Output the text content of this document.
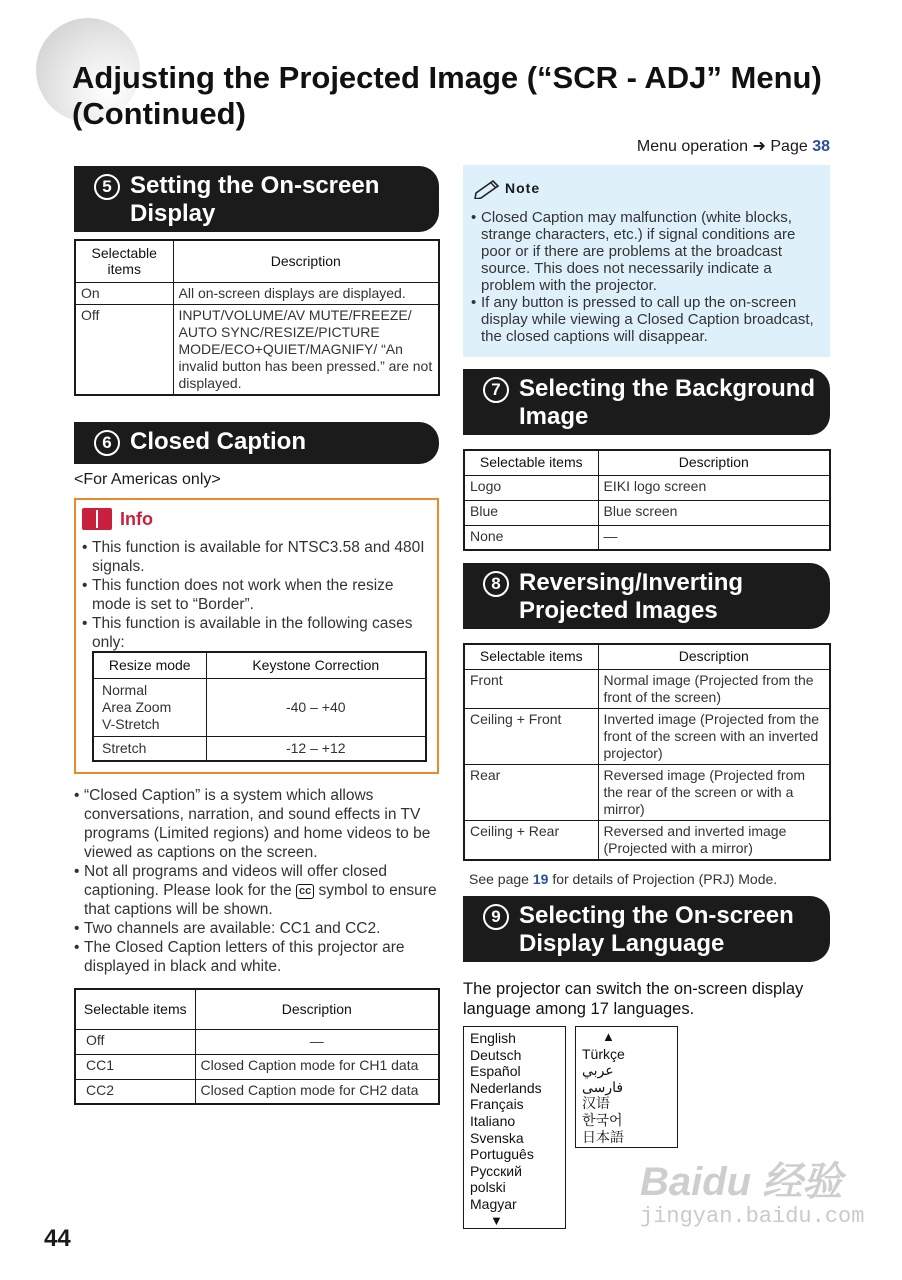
Adjusting the Projected Image (“SCR - ADJ” Menu)
(Continued)
Menu operation ➜ Page 38
5 Setting the On-screen
Display
Selectable items	Description
On	All on-screen displays are displayed.
Off	INPUT/VOLUME/AV MUTE/FREEZE/ AUTO SYNC/RESIZE/PICTURE MODE/ECO+QUIET/MAGNIFY/ “An invalid button has been pressed.” are not displayed.
6 Closed Caption
<For Americas only>
Info
• This function is available for NTSC3.58 and 480I signals.
• This function does not work when the resize mode is set to “Border”.
• This function is available in the following cases only:
Resize mode	Keystone Correction
Normal
Area Zoom
V-Stretch	-40 – +40
Stretch	-12 – +12
• “Closed Caption” is a system which allows conversations, narration, and sound effects in TV programs (Limited regions) and home videos to be viewed as captions on the screen.
• Not all programs and videos will offer closed captioning. Please look for the cc symbol to ensure that captions will be shown.
• Two channels are available: CC1 and CC2.
• The Closed Caption letters of this projector are displayed in black and white.
Selectable items	Description
Off	—
CC1	Closed Caption mode for CH1 data
CC2	Closed Caption mode for CH2 data
Note
• Closed Caption may malfunction (white blocks, strange characters, etc.) if signal conditions are poor or if there are problems at the broadcast source. This does not necessarily indicate a problem with the projector.
• If any button is pressed to call up the on-screen display while viewing a Closed Caption broadcast, the closed captions will disappear.
7 Selecting the Background
Image
Selectable items	Description
Logo	EIKI logo screen
Blue	Blue screen
None	—
8 Reversing/Inverting
Projected Images
Selectable items	Description
Front	Normal image (Projected from the front of the screen)
Ceiling + Front	Inverted image (Projected from the front of the screen with an inverted projector)
Rear	Reversed image (Projected from the rear of the screen or with a mirror)
Ceiling + Rear	Reversed and inverted image (Projected with a mirror)
See page 19 for details of Projection (PRJ) Mode.
9 Selecting the On-screen
Display Language
The projector can switch the on-screen display language among 17 languages.
English
Deutsch
Español
Nederlands
Français
Italiano
Svenska
Português
Русский
polski
Magyar
▼
▲
Türkçe
عربي
فارسی
汉语
한국어
日本語
44
Baidu 经验
jingyan.baidu.com
